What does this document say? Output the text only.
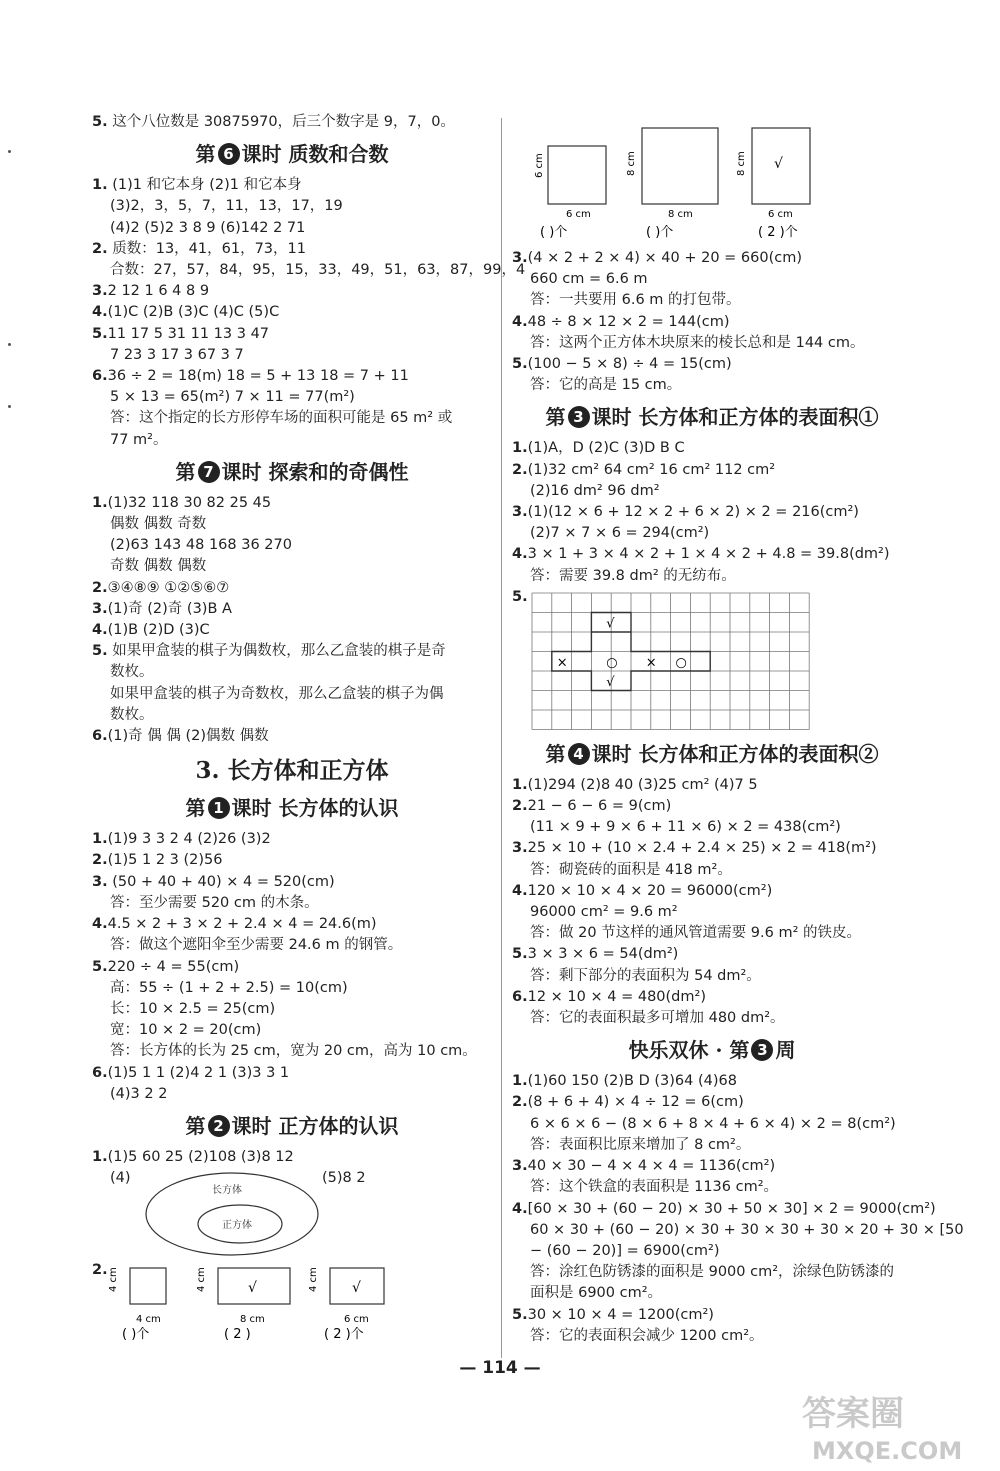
5. 这个八位数是 30875970，后三个数字是 9，7，0。
第 6 课时 质数和合数
1. (1)1 和它本身 (2)1 和它本身
(3)2，3，5，7，11，13，17，19
(4)2 (5)2 3 8 9 (6)142 2 71
2. 质数：13，41，61，73，11
合数：27，57，84，95，15，33，49，51，63，87，99，4
3.2 12 1 6 4 8 9
4.(1)C (2)B (3)C (4)C (5)C
5.11 17 5 31 11 13 3 47
7 23 3 17 3 67 3 7
6.36 ÷ 2 = 18(m) 18 = 5 + 13 18 = 7 + 11
5 × 13 = 65(m²) 7 × 11 = 77(m²)
答：这个指定的长方形停车场的面积可能是 65 m² 或
77 m²。
第 7 课时 探索和的奇偶性
1.(1)32 118 30 82 25 45
偶数 偶数 奇数
(2)63 143 48 168 36 270
奇数 偶数 偶数
2.③④⑧⑨ ①②⑤⑥⑦
3.(1)奇 (2)奇 (3)B A
4.(1)B (2)D (3)C
5. 如果甲盒装的棋子为偶数枚，那么乙盒装的棋子是奇
数枚。
如果甲盒装的棋子为奇数枚，那么乙盒装的棋子为偶
数枚。
6.(1)奇 偶 偶 (2)偶数 偶数
3. 长方体和正方体
第 1 课时 长方体的认识
1.(1)9 3 3 2 4 (2)26 (3)2
2.(1)5 1 2 3 (2)56
3. (50 + 40 + 40) × 4 = 520(cm)
答：至少需要 520 cm 的木条。
4.4.5 × 2 + 3 × 2 + 2.4 × 4 = 24.6(m)
答：做这个遮阳伞至少需要 24.6 m 的钢管。
5.220 ÷ 4 = 55(cm)
高：55 ÷ (1 + 2 + 2.5) = 10(cm)
长：10 × 2.5 = 25(cm)
宽：10 × 2 = 20(cm)
答：长方体的长为 25 cm，宽为 20 cm，高为 10 cm。
6.(1)5 1 1 (2)4 2 1 (3)3 3 1
(4)3 2 2
第 2 课时 正方体的认识
1.(1)5 60 25 (2)108 (3)8 12
(4)
长方体
正方体
(5)8 2
2. 4 cm
4 cm
( )个
4 cm	√
8 cm
( 2 )
4 cm √
6 cm
( 2 )个
6 cm
6 cm
( )个
8 cm
8 cm
( )个
8 cm √
6 cm
( 2 )个
3.(4 × 2 + 2 × 4) × 40 + 20 = 660(cm)
660 cm = 6.6 m
答：一共要用 6.6 m 的打包带。
4.48 ÷ 8 × 12 × 2 = 144(cm)
答：这两个正方体木块原来的棱长总和是 144 cm。
5.(100 − 5 × 8) ÷ 4 = 15(cm)
答：它的高是 15 cm。
第 3 课时 长方体和正方体的表面积①
1.(1)A，D (2)C (3)D B C
2.(1)32 cm² 64 cm² 16 cm² 112 cm²
(2)16 dm² 96 dm²
3.(1)(12 × 6 + 12 × 2 + 6 × 2) × 2 = 216(cm²)
(2)7 × 7 × 6 = 294(cm²)
4.3 × 1 + 3 × 4 × 2 + 1 × 4 × 2 + 4.8 = 39.8(dm²)
答：需要 39.8 dm² 的无纺布。
5.
√
×	○ × ○
√
第 4 课时 长方体和正方体的表面积②
1.(1)294 (2)8 40 (3)25 cm² (4)7 5
2.21 − 6 − 6 = 9(cm)
(11 × 9 + 9 × 6 + 11 × 6) × 2 = 438(cm²)
3.25 × 10 + (10 × 2.4 + 2.4 × 25) × 2 = 418(m²)
答：砌瓷砖的面积是 418 m²。
4.120 × 10 × 4 × 20 = 96000(cm²)
96000 cm² = 9.6 m²
答：做 20 节这样的通风管道需要 9.6 m² 的铁皮。
5.3 × 3 × 6 = 54(dm²)
答：剩下部分的表面积为 54 dm²。
6.12 × 10 × 4 = 480(dm²)
答：它的表面积最多可增加 480 dm²。
快乐双休 · 第 3 周
1.(1)60 150 (2)B D (3)64 (4)68
2.(8 + 6 + 4) × 4 ÷ 12 = 6(cm)
6 × 6 × 6 − (8 × 6 + 8 × 4 + 6 × 4) × 2 = 8(cm²)
答：表面积比原来增加了 8 cm²。
3.40 × 30 − 4 × 4 × 4 = 1136(cm²)
答：这个铁盒的表面积是 1136 cm²。
4.[60 × 30 + (60 − 20) × 30 + 50 × 30] × 2 = 9000(cm²)
60 × 30 + (60 − 20) × 30 + 30 × 30 + 30 × 20 + 30 × [50
− (60 − 20)] = 6900(cm²)
答：涂红色防锈漆的面积是 9000 cm²，涂绿色防锈漆的
面积是 6900 cm²。
5.30 × 10 × 4 = 1200(cm²)
答：它的表面积会减少 1200 cm²。
— 114 —
答案圈
MXQE.COM
